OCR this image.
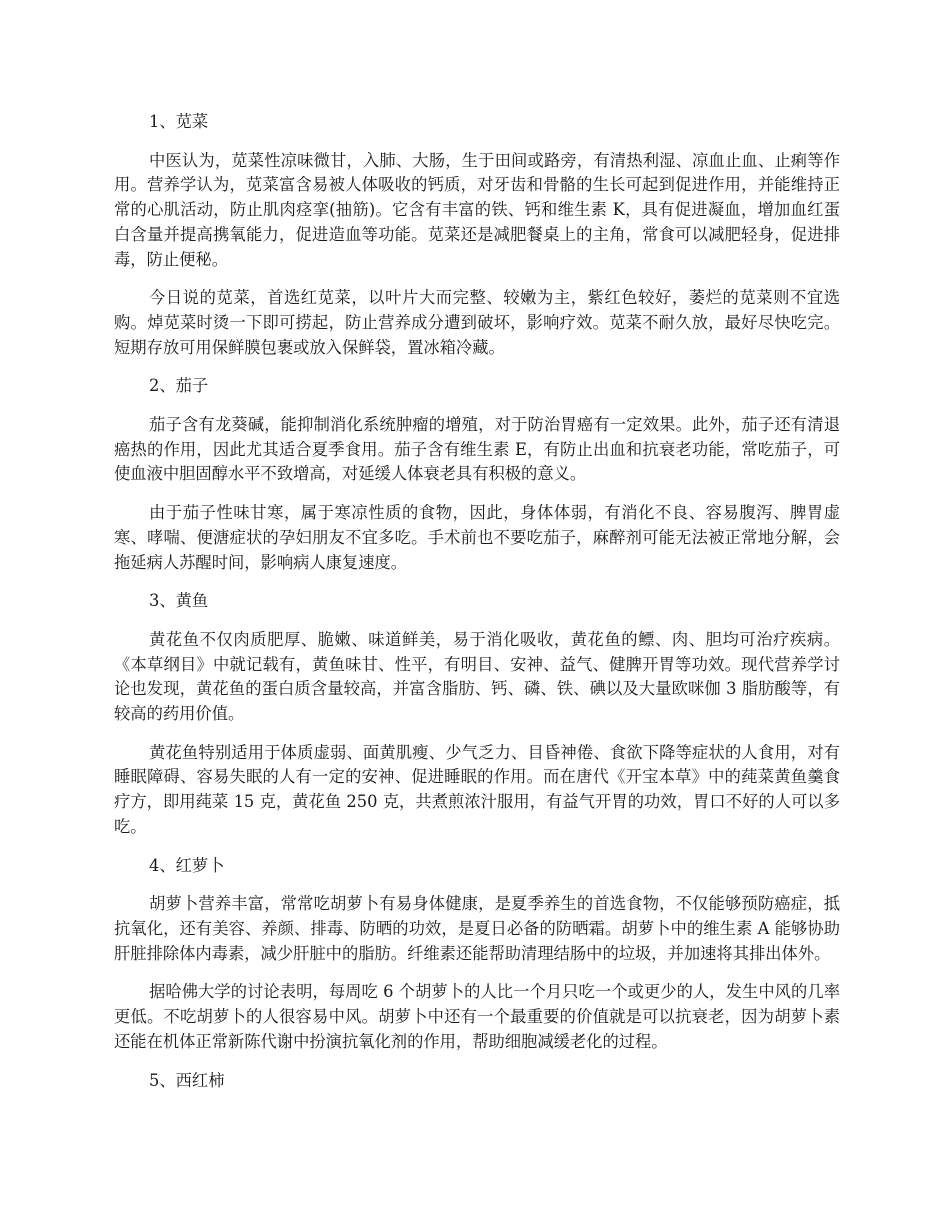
1、苋菜

中医认为，苋菜性凉味微甘，入肺、大肠，生于田间或路旁，有清热利湿、凉血止血、止痢等作用。营养学认为，苋菜富含易被人体吸收的钙质，对牙齿和骨骼的生长可起到促进作用，并能维持正常的心肌活动，防止肌肉痉挛(抽筋)。它含有丰富的铁、钙和维生素 K，具有促进凝血，增加血红蛋白含量并提高携氧能力，促进造血等功能。苋菜还是减肥餐桌上的主角，常食可以减肥轻身，促进排毒，防止便秘。

今日说的苋菜，首选红苋菜，以叶片大而完整、较嫩为主，紫红色较好，萎烂的苋菜则不宜选购。焯苋菜时烫一下即可捞起，防止营养成分遭到破坏，影响疗效。苋菜不耐久放，最好尽快吃完。短期存放可用保鲜膜包裹或放入保鲜袋，置冰箱冷藏。

2、茄子

茄子含有龙葵碱，能抑制消化系统肿瘤的增殖，对于防治胃癌有一定效果。此外，茄子还有清退癌热的作用，因此尤其适合夏季食用。茄子含有维生素 E，有防止出血和抗衰老功能，常吃茄子，可使血液中胆固醇水平不致增高，对延缓人体衰老具有积极的意义。

由于茄子性味甘寒，属于寒凉性质的食物，因此，身体体弱，有消化不良、容易腹泻、脾胃虚寒、哮喘、便溏症状的孕妇朋友不宜多吃。手术前也不要吃茄子，麻醉剂可能无法被正常地分解，会拖延病人苏醒时间，影响病人康复速度。

3、黄鱼

黄花鱼不仅肉质肥厚、脆嫩、味道鲜美，易于消化吸收，黄花鱼的鳔、肉、胆均可治疗疾病。《本草纲目》中就记载有，黄鱼味甘、性平，有明目、安神、益气、健脾开胃等功效。现代营养学讨论也发现，黄花鱼的蛋白质含量较高，并富含脂肪、钙、磷、铁、碘以及大量欧咪伽 3 脂肪酸等，有较高的药用价值。

黄花鱼特别适用于体质虚弱、面黄肌瘦、少气乏力、目昏神倦、食欲下降等症状的人食用，对有睡眠障碍、容易失眠的人有一定的安神、促进睡眠的作用。而在唐代《开宝本草》中的莼菜黄鱼羹食疗方，即用莼菜 15 克，黄花鱼 250 克，共煮煎浓汁服用，有益气开胃的功效，胃口不好的人可以多吃。

4、红萝卜

胡萝卜营养丰富，常常吃胡萝卜有易身体健康，是夏季养生的首选食物，不仅能够预防癌症，抵抗氧化，还有美容、养颜、排毒、防晒的功效，是夏日必备的防晒霜。胡萝卜中的维生素 A 能够协助肝脏排除体内毒素，减少肝脏中的脂肪。纤维素还能帮助清理结肠中的垃圾，并加速将其排出体外。

据哈佛大学的讨论表明，每周吃 6 个胡萝卜的人比一个月只吃一个或更少的人，发生中风的几率更低。不吃胡萝卜的人很容易中风。胡萝卜中还有一个最重要的价值就是可以抗衰老，因为胡萝卜素还能在机体正常新陈代谢中扮演抗氧化剂的作用，帮助细胞减缓老化的过程。

5、西红柿
